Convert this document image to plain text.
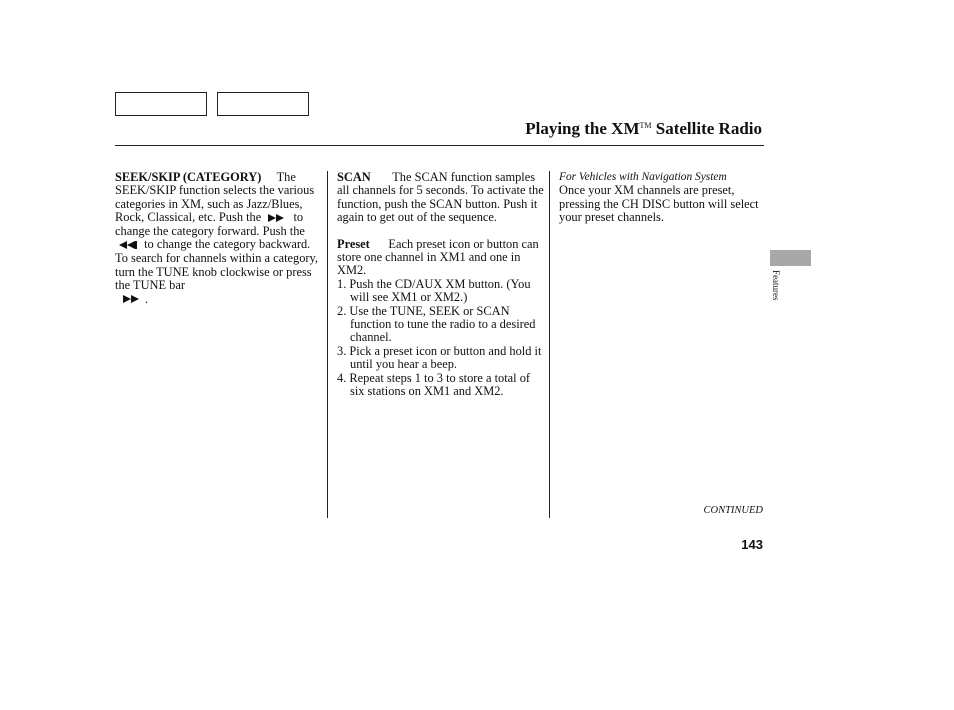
Playing the XM™ Satellite Radio

SEEK/SKIP (CATEGORY) The SEEK/SKIP function selects the various categories in XM, such as Jazz/Blues, Rock, Classical, etc. Push the	to change the category forward. Push the  to change the category backward. To search for channels within a category, turn the TUNE knob clockwise or press the TUNE bar
.

SCAN The SCAN function samples all channels for 5 seconds. To activate the function, push the SCAN button. Push it again to get out of the sequence.

Preset Each preset icon or button can store one channel in XM1 and one in XM2.

1. Push the CD/AUX XM button. (You will see XM1 or XM2.)
2. Use the TUNE, SEEK or SCAN function to tune the radio to a desired channel.
3. Pick a preset icon or button and hold it until you hear a beep.
4. Repeat steps 1 to 3 to store a total of six stations on XM1 and XM2.

For Vehicles with Navigation System

Once your XM channels are preset, pressing the CH DISC button will select your preset channels.

Features
CONTINUED
143
